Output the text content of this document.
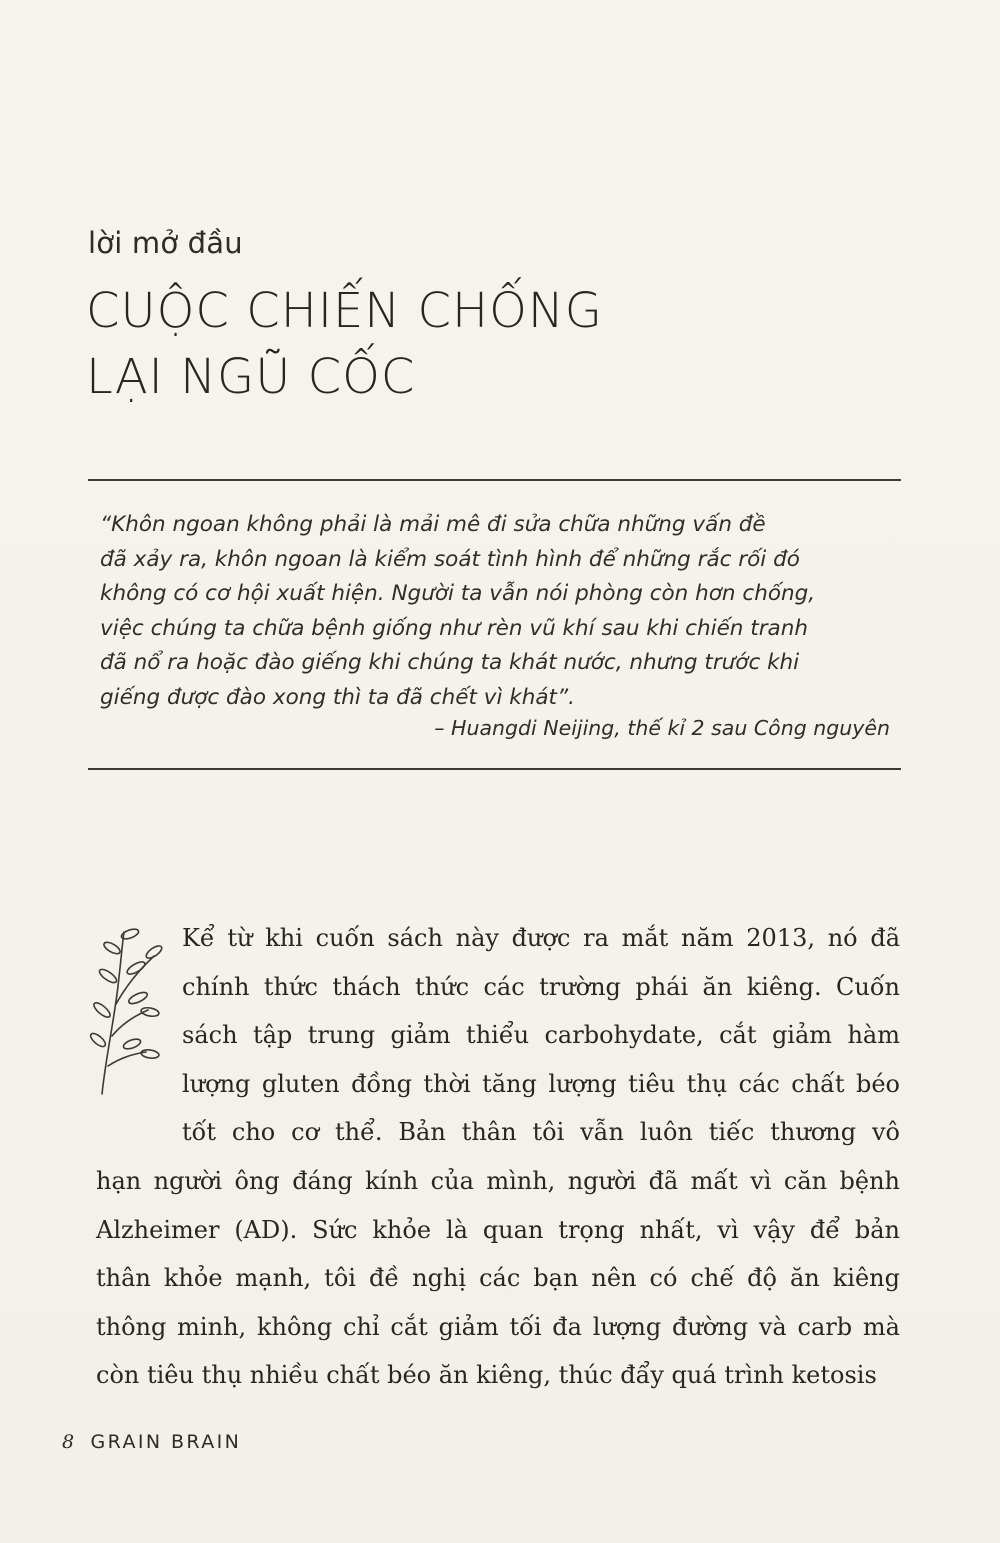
lời mở đầu
CUỘC CHIẾN CHỐNG
LẠI NGŨ CỐC
“Khôn ngoan không phải là mải mê đi sửa chữa những vấn đề
đã xảy ra, khôn ngoan là kiểm soát tình hình để những rắc rối đó
không có cơ hội xuất hiện. Người ta vẫn nói phòng còn hơn chống,
việc chúng ta chữa bệnh giống như rèn vũ khí sau khi chiến tranh
đã nổ ra hoặc đào giếng khi chúng ta khát nước, nhưng trước khi
giếng được đào xong thì ta đã chết vì khát”.
– Huangdi Neijing, thế kỉ 2 sau Công nguyên
Kể từ khi cuốn sách này được ra mắt năm 2013, nó đã
chính thức thách thức các trường phái ăn kiêng. Cuốn
sách tập trung giảm thiểu carbohydate, cắt giảm hàm
lượng gluten đồng thời tăng lượng tiêu thụ các chất béo
tốt cho cơ thể. Bản thân tôi vẫn luôn tiếc thương vô
hạn người ông đáng kính của mình, người đã mất vì căn bệnh
Alzheimer (AD). Sức khỏe là quan trọng nhất, vì vậy để bản
thân khỏe mạnh, tôi đề nghị các bạn nên có chế độ ăn kiêng
thông minh, không chỉ cắt giảm tối đa lượng đường và carb mà
còn tiêu thụ nhiều chất béo ăn kiêng, thúc đẩy quá trình ketosis
8 GRAIN BRAIN
